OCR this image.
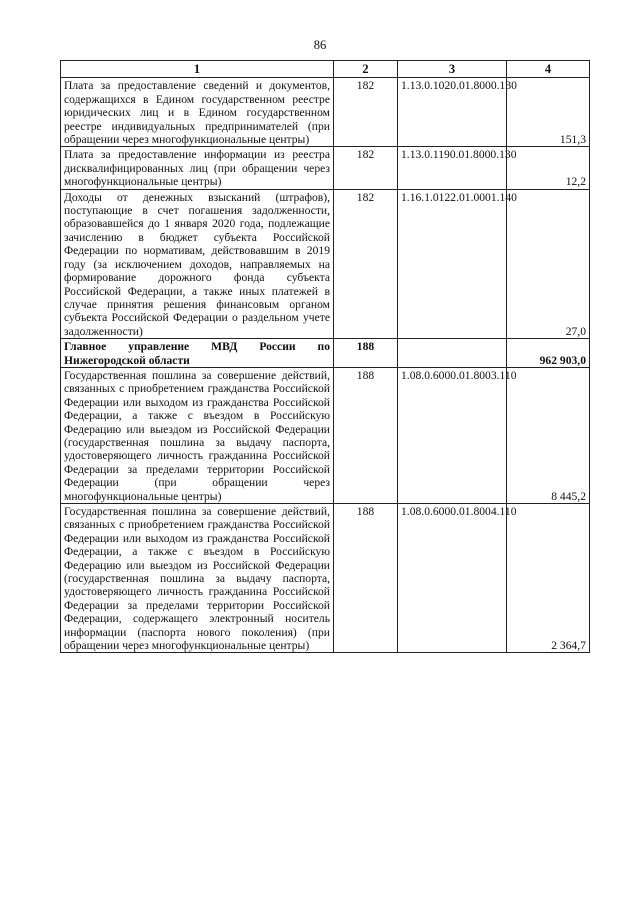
86
1	2	3	4
Плата за предоставление сведений и документов, содержащихся в Едином государственном реестре юридических лиц и в Едином государственном реестре индивидуальных предпринимателей (при обращении через многофункциональные центры)	182	1.13.0.1020.01.8000.130	151,3
Плата за предоставление информации из реестра дисквалифицированных лиц (при обращении через многофункциональные центры)	182	1.13.0.1190.01.8000.130	12,2
Доходы от денежных взысканий (штрафов), поступающие в счет погашения задолженности, образовавшейся до 1 января 2020 года, подлежащие зачислению в бюджет субъекта Российской Федерации по нормативам, действовавшим в 2019 году (за исключением доходов, направляемых на формирование дорожного фонда субъекта Российской Федерации, а также иных платежей в случае принятия решения финансовым органом субъекта Российской Федерации о раздельном учете задолженности)	182	1.16.1.0122.01.0001.140	27,0
Главное управление МВД России по Нижегородской области	188		962 903,0
Государственная пошлина за совершение действий, связанных с приобретением гражданства Российской Федерации или выходом из гражданства Российской Федерации, а также с въездом в Российскую Федерацию или выездом из Российской Федерации (государственная пошлина за выдачу паспорта, удостоверяющего личность гражданина Российской Федерации за пределами территории Российской Федерации (при обращении через многофункциональные центры)	188	1.08.0.6000.01.8003.110	8 445,2
Государственная пошлина за совершение действий, связанных с приобретением гражданства Российской Федерации или выходом из гражданства Российской Федерации, а также с въездом в Российскую Федерацию или выездом из Российской Федерации (государственная пошлина за выдачу паспорта, удостоверяющего личность гражданина Российской Федерации за пределами территории Российской Федерации, содержащего электронный носитель информации (паспорта нового поколения) (при обращении через многофункциональные центры)	188	1.08.0.6000.01.8004.110	2 364,7
